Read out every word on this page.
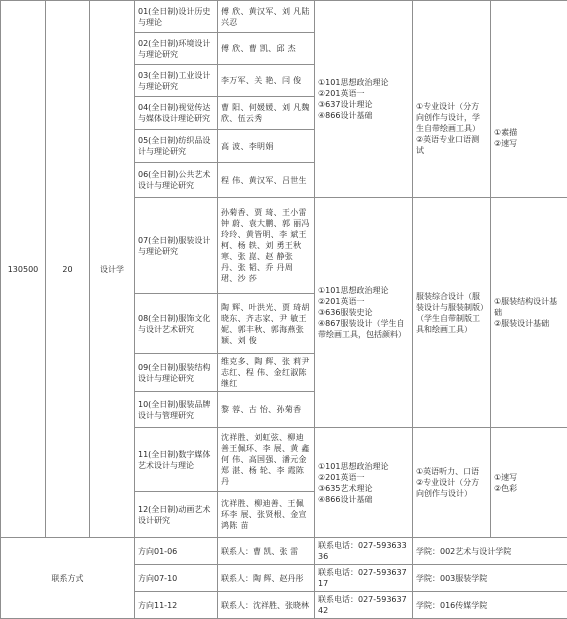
130500	20	设计学	01(全日制)设计历史与理论	傅 欣、黄汉军、刘 凡陆兴忍	①101思想政治理论
②201英语一
③637设计理论
④866设计基础	①专业设计（分方向创作与设计，学生自带绘画工具）
②英语专业口语测试	①素描
②速写
			02(全日制)环境设计与理论研究	傅 欣、曹 凯、邱 杰			
			03(全日制)工业设计与理论研究	李万军、关 艳、闫 俊			
			04(全日制)视觉传达与媒体设计理论研究	曹 阳、何媛媛、刘 凡魏 欣、伍云秀			
			05(全日制)纺织品设计与理论研究	高 波、李明娟			
			06(全日制)公共艺术设计与理论研究	程 伟、黄汉军、吕世生			
			07(全日制)服装设计与理论研究	孙菊香、贾 琦、王小雷钟 蔚、袁大鹏、郭 丽冯玲玲、黄皆明、李 斌王 柯、杨 轶、刘 勇王秋寒、张 崑、赵 静张 丹、张 韬、乔 丹周 珺、沙 莎	①101思想政治理论
②201英语一
③636服装史论
④867服装设计（学生自带绘画工具，包括颜料）	服装综合设计（服装设计与服装制版）（学生自带制版工具和绘画工具）	①服装结构设计基础
②服装设计基础
			08(全日制)服饰文化与设计艺术研究	陶 辉、叶洪光、贾 琦胡晓东、齐志家、尹 敏王 妮、郭丰秋、郭海燕张 颖、刘 俊			
			09(全日制)服装结构设计与理论研究	维克多、陶 辉、张 莉尹志红、程 伟、金红淑陈继红			
			10(全日制)服装品牌设计与管理研究	黎 蓉、古 怡、孙菊香			
			11(全日制)数字媒体艺术设计与理论	沈祥胜、刘虹弦、柳迪善王佩环、李 展、黄 鑫何 伟、高国强、潘元金郑 湛、杨 轮、李 霞陈 丹	①101思想政治理论
②201英语一
③635艺术理论
④866设计基础	①英语听力、口语
②专业设计（分方向创作与设计）	①速写
②色彩
			12(全日制)动画艺术设计研究	沈祥胜、柳迪善、王佩环李 展、张贤根、金宣鸿陈 苗			
联系方式			方向01-06	联系人：曹 凯、张 雷	联系电话：027-59363336	学院：002艺术与设计学院	
			方向07-10	联系人：陶 辉、赵丹彤	联系电话：027-59363717	学院：003服装学院	
			方向11-12	联系人：沈祥胜、张晓林	联系电话：027-59363742	学院：016传媒学院	
